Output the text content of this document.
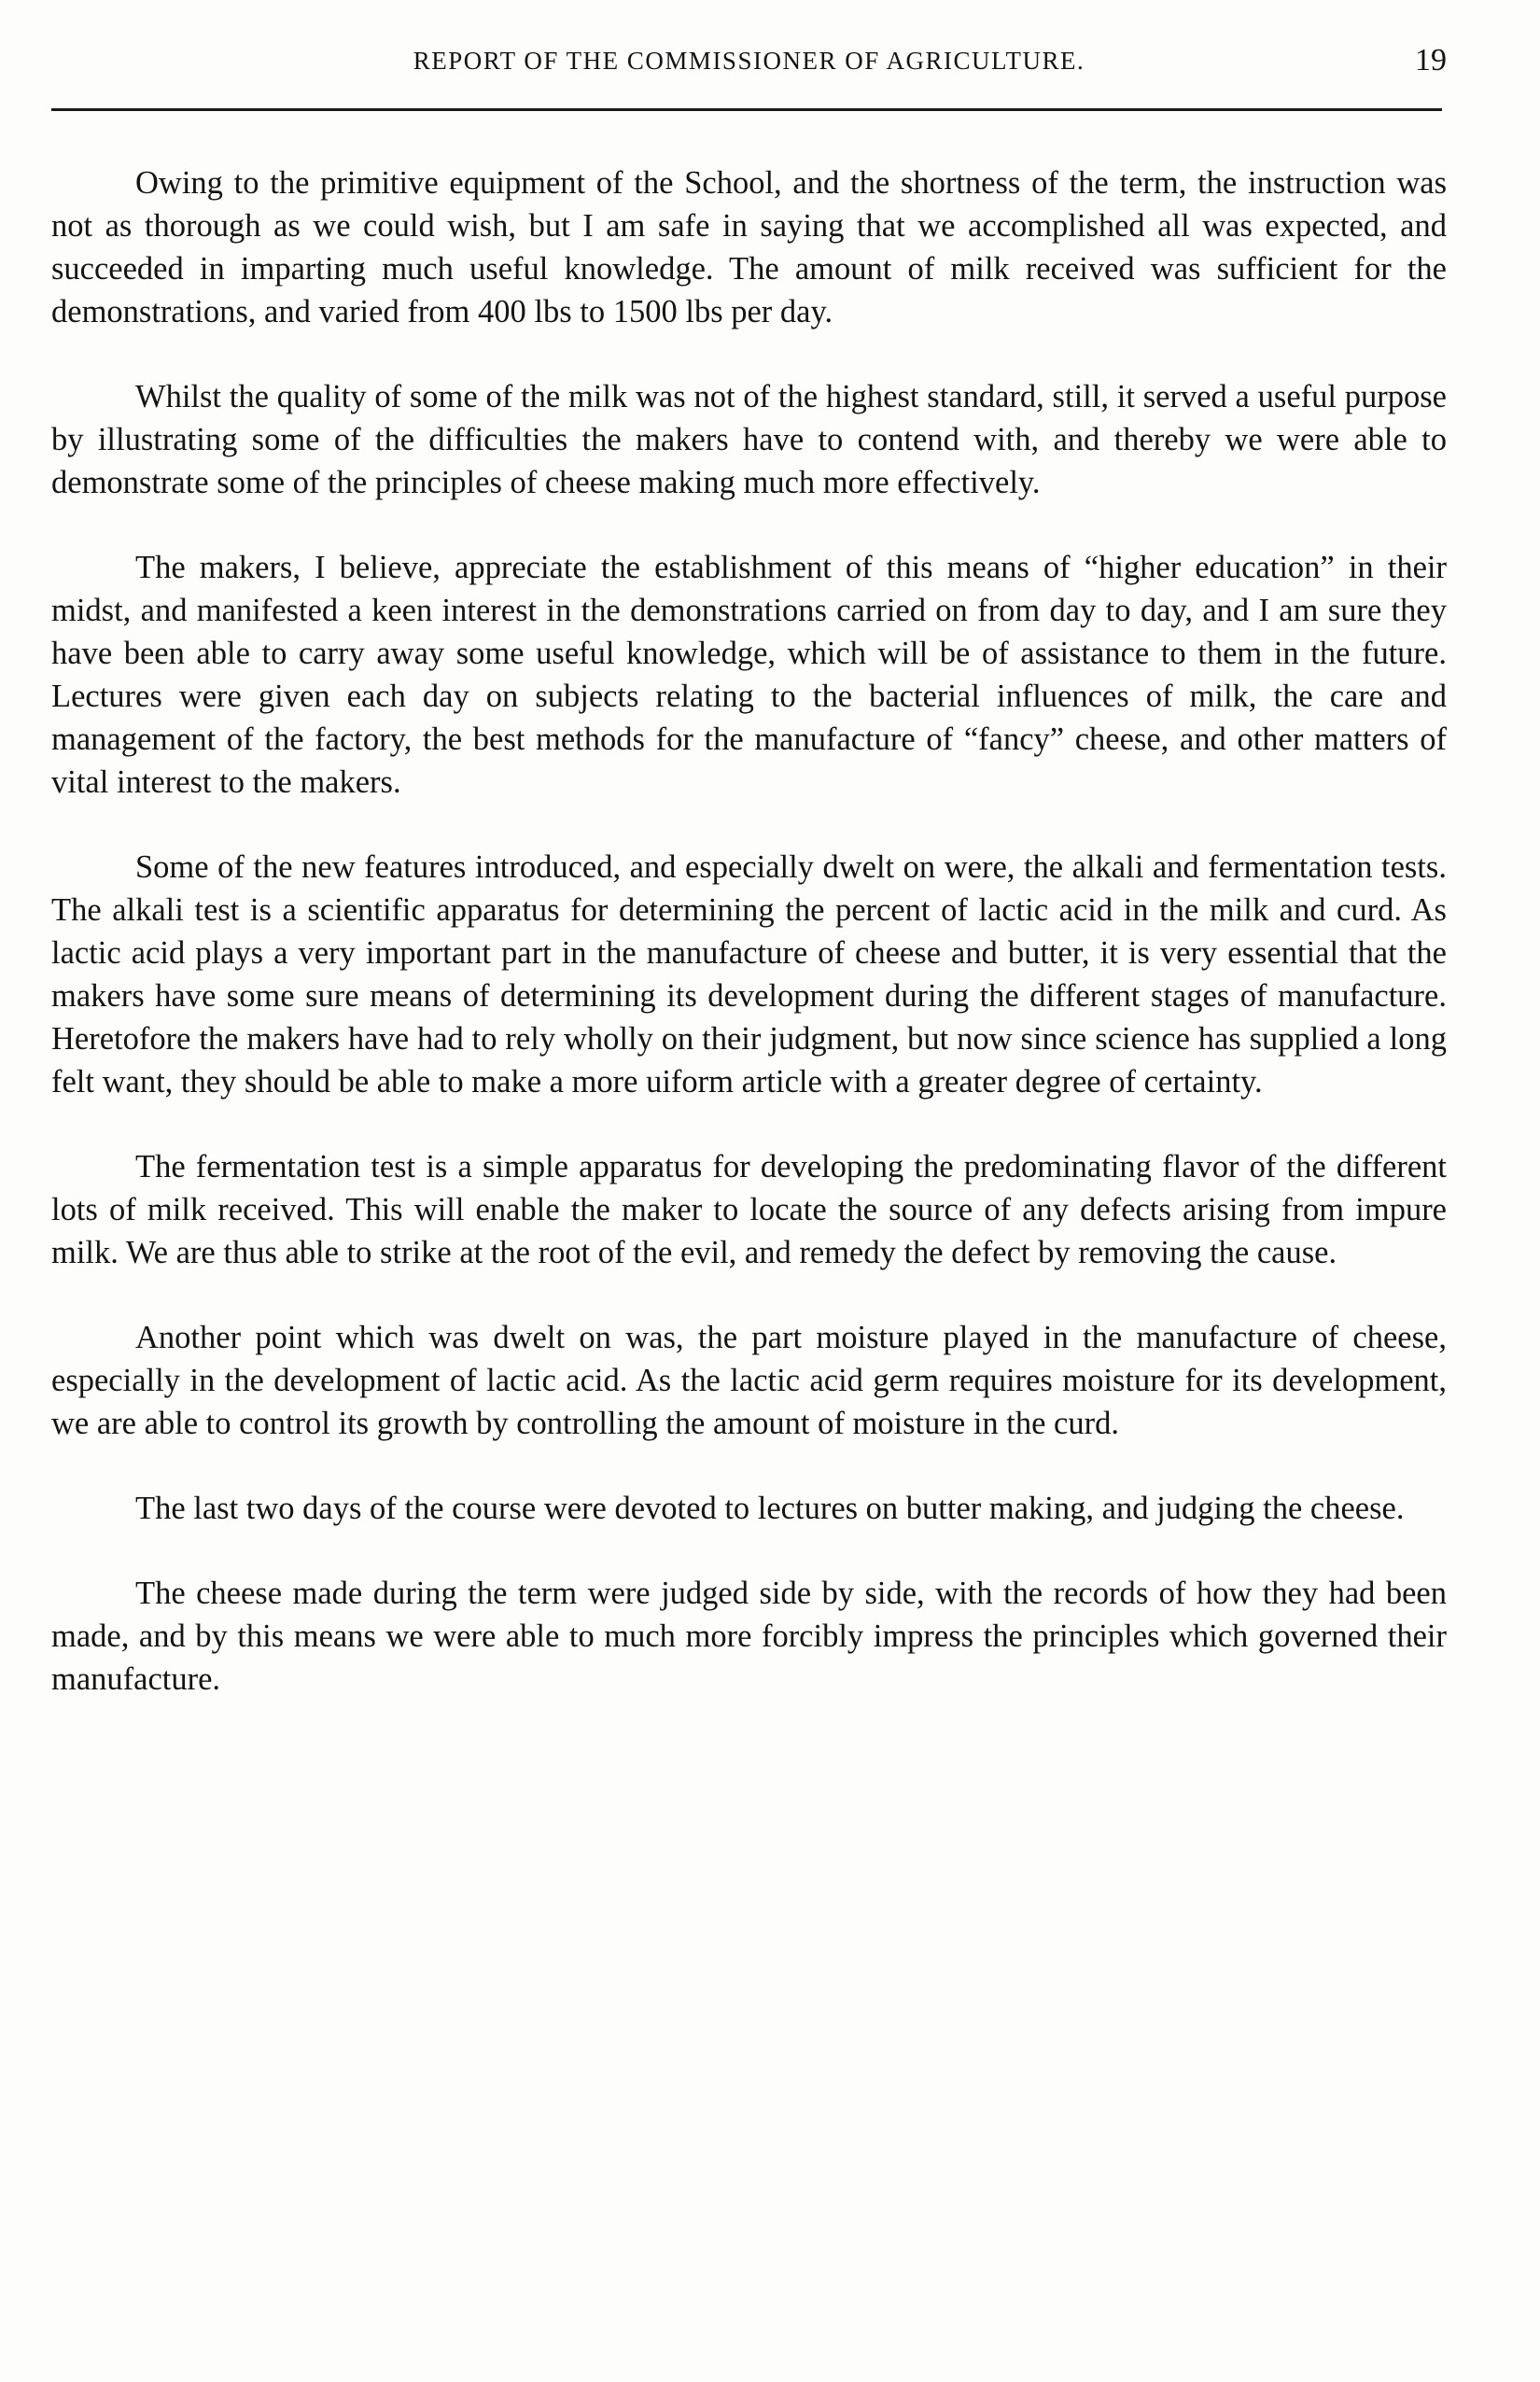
REPORT OF THE COMMISSIONER OF AGRICULTURE.	19

Owing to the primitive equipment of the School, and the shortness of the term, the instruction was not as thorough as we could wish, but I am safe in saying that we accomplished all was expected, and succeeded in imparting much useful knowledge. The amount of milk received was sufficient for the demonstrations, and varied from 400 lbs to 1500 lbs per day.

Whilst the quality of some of the milk was not of the highest standard, still, it served a useful purpose by illustrating some of the difficulties the makers have to contend with, and thereby we were able to demonstrate some of the principles of cheese making much more effectively.

The makers, I believe, appreciate the establishment of this means of “higher education” in their midst, and manifested a keen interest in the demonstrations carried on from day to day, and I am sure they have been able to carry away some useful knowledge, which will be of assistance to them in the future. Lectures were given each day on subjects relating to the bacterial influences of milk, the care and management of the factory, the best methods for the manufacture of “fancy” cheese, and other matters of vital interest to the makers.

Some of the new features introduced, and especially dwelt on were, the alkali and fermentation tests. The alkali test is a scientific apparatus for determining the percent of lactic acid in the milk and curd. As lactic acid plays a very important part in the manufacture of cheese and butter, it is very essential that the makers have some sure means of determining its development during the different stages of manufacture. Heretofore the makers have had to rely wholly on their judgment, but now since science has supplied a long felt want, they should be able to make a more uiform article with a greater degree of certainty.

The fermentation test is a simple apparatus for developing the predominating flavor of the different lots of milk received. This will enable the maker to locate the source of any defects arising from impure milk. We are thus able to strike at the root of the evil, and remedy the defect by removing the cause.

Another point which was dwelt on was, the part moisture played in the manufacture of cheese, especially in the development of lactic acid. As the lactic acid germ requires moisture for its development, we are able to control its growth by controlling the amount of moisture in the curd.

The last two days of the course were devoted to lectures on butter making, and judging the cheese.

The cheese made during the term were judged side by side, with the records of how they had been made, and by this means we were able to much more forcibly impress the principles which governed their manufacture.
